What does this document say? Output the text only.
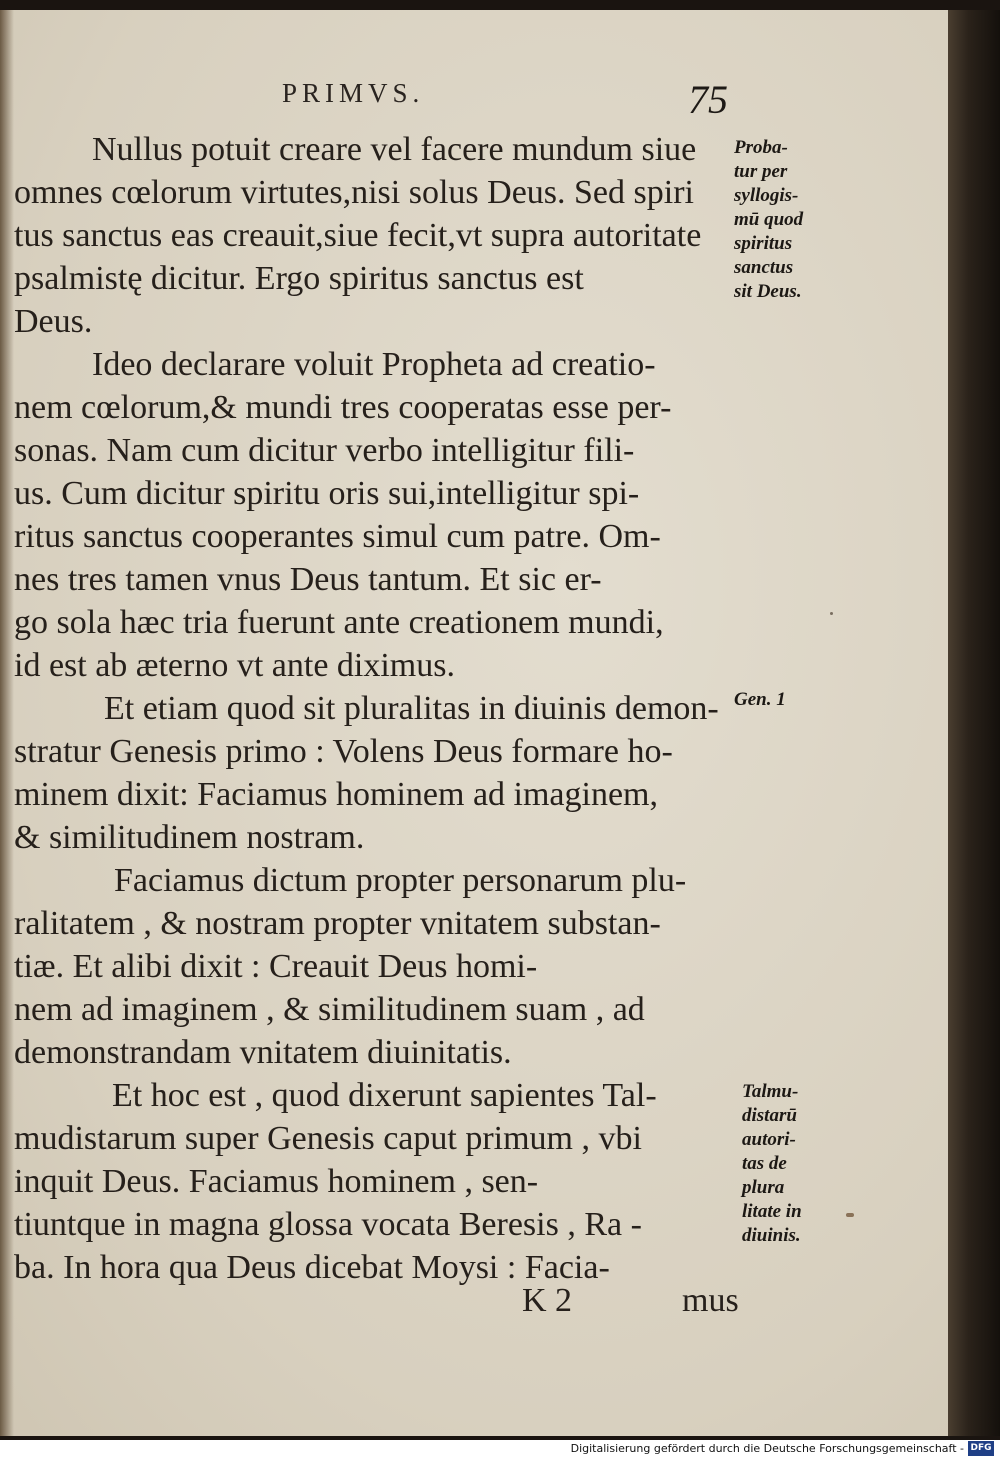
PRIMVS.	75
Nullus potuit creare vel facere mundum siue
omnes cœlorum virtutes,nisi solus Deus. Sed spiri
tus sanctus eas creauit,siue fecit,vt supra autoritate
psalmistę dicitur. Ergo spiritus sanctus est
Deus.
Ideo declarare voluit Propheta ad creatio-
nem cœlorum,& mundi tres cooperatas esse per-
sonas. Nam cum dicitur verbo intelligitur fili-
us. Cum dicitur spiritu oris sui,intelligitur spi-
ritus sanctus cooperantes simul cum patre. Om-
nes tres tamen vnus Deus tantum. Et sic er-
go sola hæc tria fuerunt ante creationem mundi,
id est ab æterno vt ante diximus.
Et etiam quod sit pluralitas in diuinis demon-
stratur Genesis primo : Volens Deus formare ho-
minem dixit: Faciamus hominem ad imaginem,
& similitudinem nostram.
Faciamus dictum propter personarum plu-
ralitatem , & nostram propter vnitatem substan-
tiæ. Et alibi dixit : Creauit Deus homi-
nem ad imaginem , & similitudinem suam , ad
demonstrandam vnitatem diuinitatis.
Et hoc est , quod dixerunt sapientes Tal-
mudistarum super Genesis caput primum , vbi
inquit Deus. Faciamus hominem , sen-
tiuntque in magna glossa vocata Beresis , Ra -
ba. In hora qua Deus dicebat Moysi : Facia-
K 2	mus
Proba-
tur per
syllogis-
mū quod
spiritus
sanctus
sit Deus.
Gen. 1
Talmu-
distarū
autori-
tas de
plura
litate in
diuinis.
Digitalisierung gefördert durch die Deutsche Forschungsgemeinschaft - DFG
